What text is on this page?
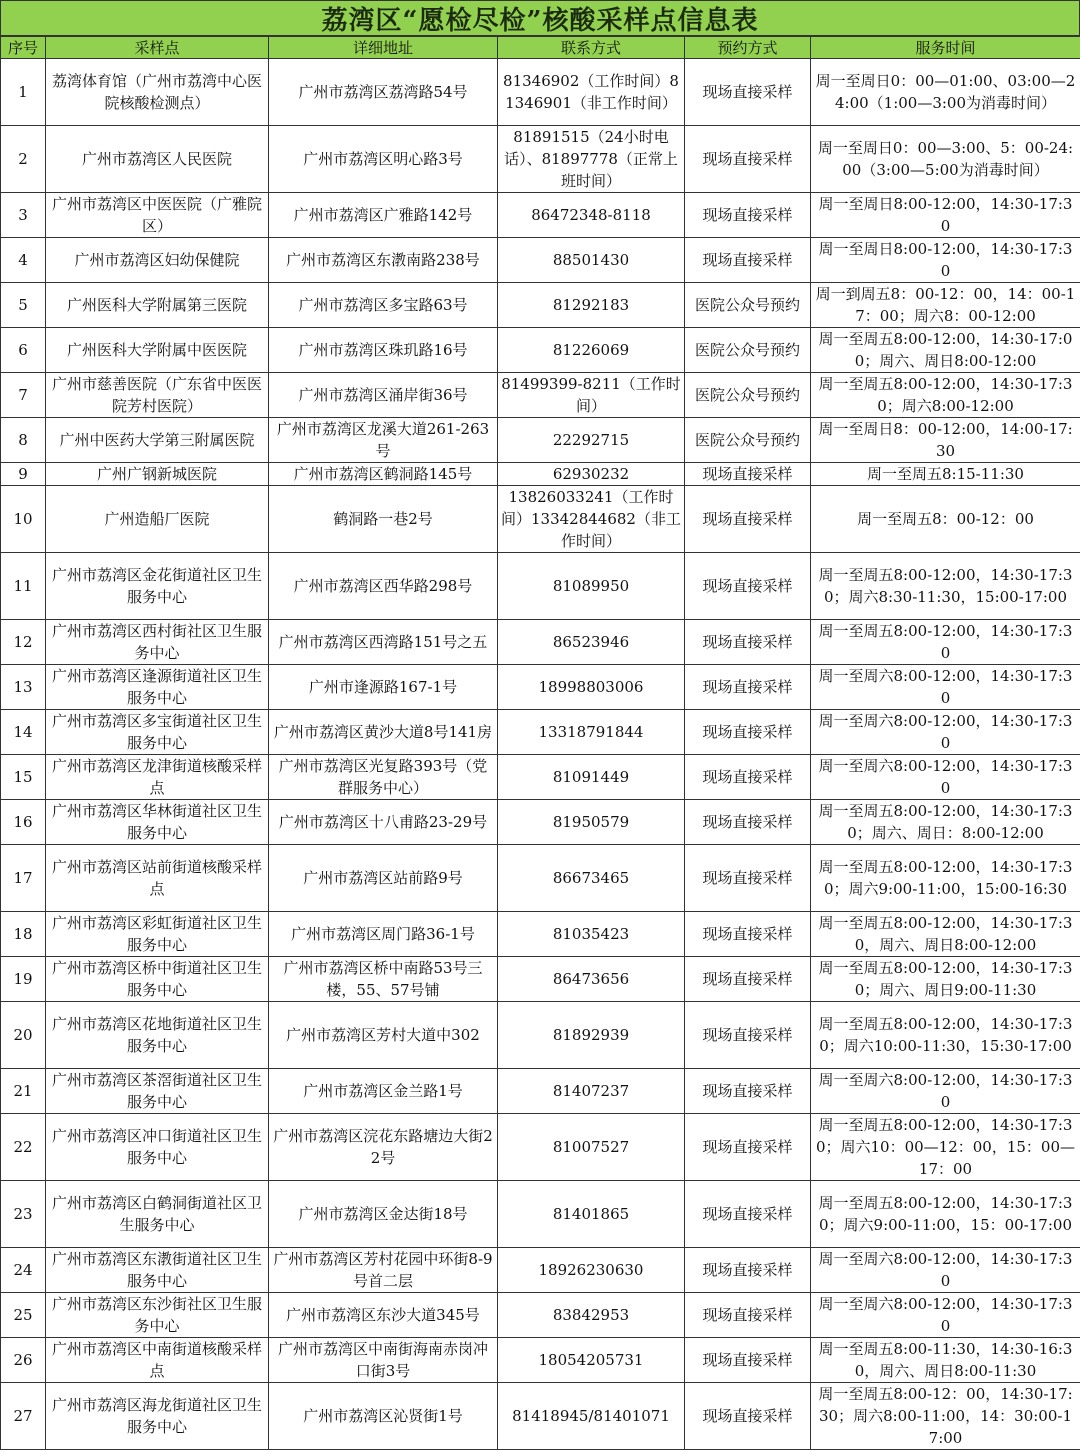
荔湾区“愿检尽检”核酸采样点信息表
序号	采样点	详细地址	联系方式	预约方式	服务时间
1	荔湾体育馆（广州市荔湾中心医院核酸检测点）	广州市荔湾区荔湾路54号	81346902（工作时间）81346901（非工作时间）	现场直接采样	周一至周日0：00—01:00、03:00—24:00（1:00—3:00为消毒时间）
2	广州市荔湾区人民医院	广州市荔湾区明心路3号	81891515（24小时电话）、81897778（正常上班时间）	现场直接采样	周一至周日0：00—3:00、5：00-24:00（3:00—5:00为消毒时间）
3	广州市荔湾区中医医院（广雅院区）	广州市荔湾区广雅路142号	86472348-8118	现场直接采样	周一至周日8:00-12:00，14:30-17:30
4	广州市荔湾区妇幼保健院	广州市荔湾区东漖南路238号	88501430	现场直接采样	周一至周日8:00-12:00，14:30-17:30
5	广州医科大学附属第三医院	广州市荔湾区多宝路63号	81292183	医院公众号预约	周一到周五8：00-12：00，14：00-17：00；周六8：00-12:00
6	广州医科大学附属中医医院	广州市荔湾区珠玑路16号	81226069	医院公众号预约	周一至周五8:00-12:00，14:30-17:00；周六、周日8:00-12:00
7	广州市慈善医院（广东省中医医院芳村医院）	广州市荔湾区涌岸街36号	81499399-8211（工作时间）	医院公众号预约	周一至周五8:00-12:00，14:30-17:30；周六8:00-12:00
8	广州中医药大学第三附属医院	广州市荔湾区龙溪大道261-263号	22292715	医院公众号预约	周一至周日8：00-12:00，14:00-17:30
9	广州广钢新城医院	广州市荔湾区鹤洞路145号	62930232	现场直接采样	周一至周五8:15-11:30
10	广州造船厂医院	鹤洞路一巷2号	13826033241（工作时间）13342844682（非工作时间）	现场直接采样	周一至周五8：00-12：00
11	广州市荔湾区金花街道社区卫生服务中心	广州市荔湾区西华路298号	81089950	现场直接采样	周一至周五8:00-12:00，14:30-17:30；周六8:30-11:30，15:00-17:00
12	广州市荔湾区西村街社区卫生服务中心	广州市荔湾区西湾路151号之五	86523946	现场直接采样	周一至周五8:00-12:00，14:30-17:30
13	广州市荔湾区逢源街道社区卫生服务中心	广州市逢源路167-1号	18998803006	现场直接采样	周一至周六8:00-12:00，14:30-17:30
14	广州市荔湾区多宝街道社区卫生服务中心	广州市荔湾区黄沙大道8号141房	13318791844	现场直接采样	周一至周六8:00-12:00，14:30-17:30
15	广州市荔湾区龙津街道核酸采样点	广州市荔湾区光复路393号（党群服务中心）	81091449	现场直接采样	周一至周六8:00-12:00，14:30-17:30
16	广州市荔湾区华林街道社区卫生服务中心	广州市荔湾区十八甫路23-29号	81950579	现场直接采样	周一至周五8:00-12:00，14:30-17:30；周六、周日：8:00-12:00
17	广州市荔湾区站前街道核酸采样点	广州市荔湾区站前路9号	86673465	现场直接采样	周一至周五8:00-12:00，14:30-17:30；周六9:00-11:00，15:00-16:30
18	广州市荔湾区彩虹街道社区卫生服务中心	广州市荔湾区周门路36-1号	81035423	现场直接采样	周一至周五8:00-12:00，14:30-17:30，周六、周日8:00-12:00
19	广州市荔湾区桥中街道社区卫生服务中心	广州市荔湾区桥中南路53号三楼，55、57号铺	86473656	现场直接采样	周一至周五8:00-12:00，14:30-17:30；周六、周日9:00-11:30
20	广州市荔湾区花地街道社区卫生服务中心	广州市荔湾区芳村大道中302	81892939	现场直接采样	周一至周五8:00-12:00，14:30-17:30；周六10:00-11:30，15:30-17:00
21	广州市荔湾区茶滘街道社区卫生服务中心	广州市荔湾区金兰路1号	81407237	现场直接采样	周一至周六8:00-12:00，14:30-17:30
22	广州市荔湾区冲口街道社区卫生服务中心	广州市荔湾区浣花东路塘边大街22号	81007527	现场直接采样	周一至周五8:00-12:00，14:30-17:30；周六10：00—12：00，15：00—17：00
23	广州市荔湾区白鹤洞街道社区卫生服务中心	广州市荔湾区金达街18号	81401865	现场直接采样	周一至周五8:00-12:00，14:30-17:30；周六9:00-11:00，15：00-17:00
24	广州市荔湾区东漖街道社区卫生服务中心	广州市荔湾区芳村花园中环街8-9号首二层	18926230630	现场直接采样	周一至周六8:00-12:00，14:30-17:30
25	广州市荔湾区东沙街社区卫生服务中心	广州市荔湾区东沙大道345号	83842953	现场直接采样	周一至周六8:00-12:00，14:30-17:30
26	广州市荔湾区中南街道核酸采样点	广州市荔湾区中南街海南赤岗冲口街3号	18054205731	现场直接采样	周一至周五8:00-11:30，14:30-16:30，周六、周日8:00-11:30
27	广州市荔湾区海龙街道社区卫生服务中心	广州市荔湾区沁贤街1号	81418945/81401071	现场直接采样	周一至周五8:00-12：00，14:30-17:30；周六8:00-11:00，14：30:00-17:00
